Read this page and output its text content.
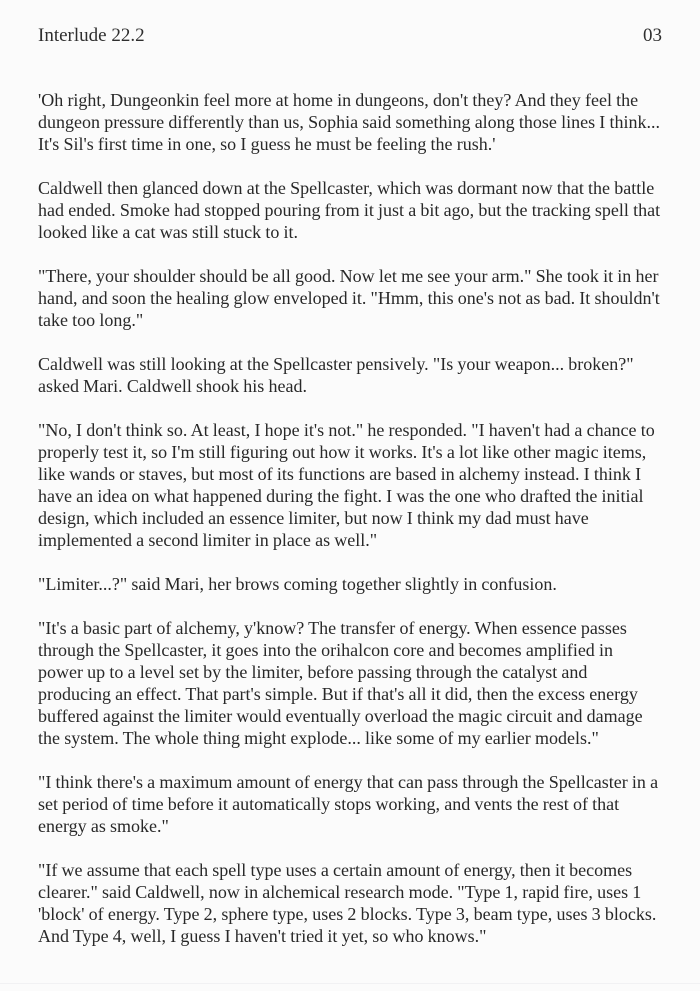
Interlude 22.2	03

'Oh right, Dungeonkin feel more at home in dungeons, don't they? And they feel the dungeon pressure differently than us, Sophia said something along those lines I think... It's Sil's first time in one, so I guess he must be feeling the rush.'

Caldwell then glanced down at the Spellcaster, which was dormant now that the battle had ended. Smoke had stopped pouring from it just a bit ago, but the tracking spell that looked like a cat was still stuck to it.

"There, your shoulder should be all good. Now let me see your arm." She took it in her hand, and soon the healing glow enveloped it. "Hmm, this one's not as bad. It shouldn't take too long."

Caldwell was still looking at the Spellcaster pensively. "Is your weapon... broken?" asked Mari. Caldwell shook his head.

"No, I don't think so. At least, I hope it's not." he responded. "I haven't had a chance to properly test it, so I'm still figuring out how it works. It's a lot like other magic items, like wands or staves, but most of its functions are based in alchemy instead. I think I have an idea on what happened during the fight. I was the one who drafted the initial design, which included an essence limiter, but now I think my dad must have implemented a second limiter in place as well."

"Limiter...?" said Mari, her brows coming together slightly in confusion.

"It's a basic part of alchemy, y'know? The transfer of energy. When essence passes through the Spellcaster, it goes into the orihalcon core and becomes amplified in power up to a level set by the limiter, before passing through the catalyst and producing an effect. That part's simple. But if that's all it did, then the excess energy buffered against the limiter would eventually overload the magic circuit and damage the system. The whole thing might explode... like some of my earlier models."

"I think there's a maximum amount of energy that can pass through the Spellcaster in a set period of time before it automatically stops working, and vents the rest of that energy as smoke."

"If we assume that each spell type uses a certain amount of energy, then it becomes clearer." said Caldwell, now in alchemical research mode. "Type 1, rapid fire, uses 1 'block' of energy. Type 2, sphere type, uses 2 blocks. Type 3, beam type, uses 3 blocks. And Type 4, well, I guess I haven't tried it yet, so who knows."
